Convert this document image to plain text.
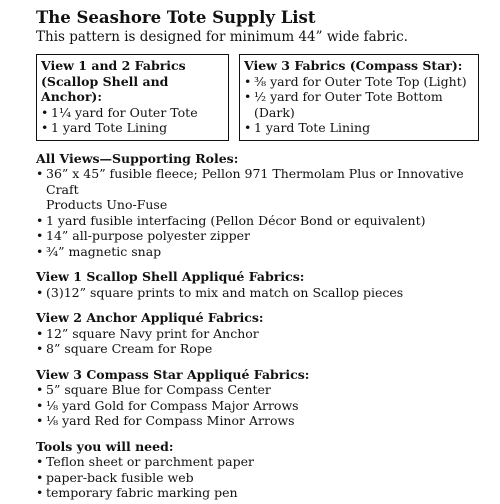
The Seashore Tote Supply List

This pattern is designed for minimum 44” wide fabric.

View 1 and 2 Fabrics

(Scallop Shell and Anchor):

• 1¼ yard for Outer Tote
• 1 yard Tote Lining

View 3 Fabrics (Compass Star):

• ⅜ yard for Outer Tote Top (Light)
• ½ yard for Outer Tote Bottom (Dark)
• 1 yard Tote Lining

All Views—Supporting Roles:

• 36” x 45” fusible fleece; Pellon 971 Thermolam Plus or Innovative Craft
Products Uno-Fuse
• 1 yard fusible interfacing (Pellon Décor Bond or equivalent)
• 14” all-purpose polyester zipper
• ¾” magnetic snap

View 1 Scallop Shell Appliqué Fabrics:

• (3)12” square prints to mix and match on Scallop pieces

View 2 Anchor Appliqué Fabrics:

• 12” square Navy print for Anchor
• 8” square Cream for Rope

View 3 Compass Star Appliqué Fabrics:

• 5” square Blue for Compass Center
• ⅛ yard Gold for Compass Major Arrows
• ⅛ yard Red for Compass Minor Arrows

Tools you will need:

• Teflon sheet or parchment paper
• paper-back fusible web
• temporary fabric marking pen
